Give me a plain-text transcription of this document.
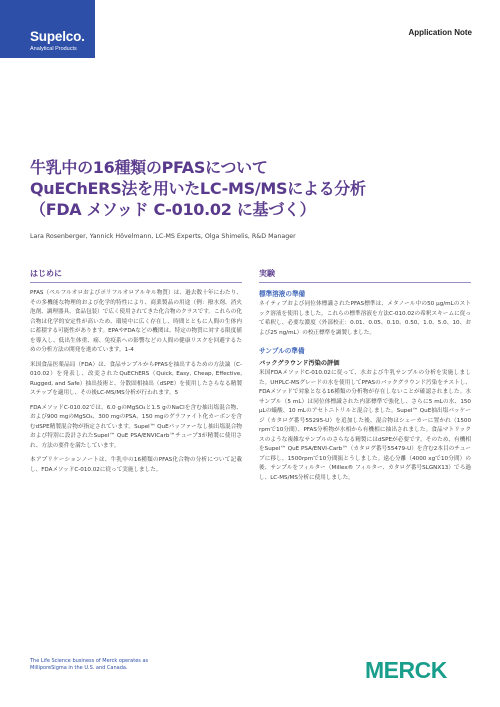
Supelco.
Analytical Products
Application Note
牛乳中の16種類のPFASについて
QuEChERS法を用いたLC-MS/MSによる分析
（FDA メソッド C-010.02 に基づく）
Lara Rosenberger, Yannick Hövelmann, LC-MS Experts, Olga Shimelis, R&D Manager
はじめに

PFAS（ペルフルオロおよびポリフルオロアルキル物質）は、過去数十年にわたり、その多機能な物理的および化学的特性により、商業製品の用途（例：撥水剤、消火泡剤、調理器具、食品包装）で広く使用されてきた化合物のクラスです。これらの化合物は化学的安定性が高いため、環境中に広く存在し、時間とともに人間の生体内に蓄積する可能性があります。EPAやFDAなどの機関は、特定の物質に対する限度値を導入し、低出生体重、癌、免疫系への影響などの人間の健康リスクを回避するための分析方法の開発を進めています。1-4

米国食品医薬品局（FDA）は、食品サンプルからPFASを抽出するための方法論（C-010.02）を発表し、改変されたQuEChERS（Quick, Easy, Cheap, Effective, Rugged, and Safe）抽出技術と、分散固相抽出（dSPE）を使用したさらなる精製ステップを適用し、その後LC-MS/MS分析が行われます。5

FDAメソッドC-010.02では、6.0 gのMgSO₄と1.5 gのNaClを含む抽出塩混合物、および900 mgのMgSO₄、300 mgのPSA、150 mgのグラファイト化カーボンを含むdSPE精製混合物が指定されています。Supel™ QuEパッファーなし抽出塩混合物および特別に設計されたSupel™ QuE PSA/ENVICarb™チューブ3が精製に使用され、方法の要件を満たしています。

本アプリケーションノートは、牛乳中の16種類のPFAS化合物の分析について記載し、FDAメソッドC-010.02に従って実施しました。

実験
標準溶液の準備

ネイティブおよび同位体標識されたPFAS標準は、メタノール中の50 µg/mLのストック溶液を使用しました。これらの標準溶液を方法C-010.02の希釈スキームに従って希釈し、必要な濃度（外部校正：0.01、0.05、0.10、0.50、1.0、5.0、10、および25 ng/mL）の校正標準を調製しました。

サンプルの準備
バックグラウンド汚染の評価

米国FDAメソッドC-010.02に従って、水および牛乳サンプルの分析を実施しました。UHPLC-MSグレードの水を使用してPFASのバックグラウンド汚染をテストし、FDAメソッドで対象となる16種類の分析物が存在しないことが確認されました。水サンプル（5 mL）は同位体標識された内部標準で強化し、さらに5 mLの水、150 µLの蟻酸、10 mLのアセトニトリルと混合しました。Supel™ QuE抽出塩パッケージ（カタログ番号55295-U）を追加した後、混合物はシェーカーに置かれ（1500 rpmで10分間）、PFAS分析物が水相から有機相に抽出されました。食品マトリックスのような複雑なサンプルのさらなる精製にはdSPEが必要です。そのため、有機相をSupel™ QuE PSA/ENVI-Carb™（カタログ番号55479-U）を含む2本目のチューブに移し、1500rpmで10分間振とうしました。遠心分離（4000 xgで10分間）の後、サンプルをフィルター（Millex® フィルター、カタログ番号SLGNX13）でろ過し、LC-MS/MS分析に使用しました。

The Life Science business of Merck operates as MilliporeSigma in the U.S. and Canada.	MERCK
